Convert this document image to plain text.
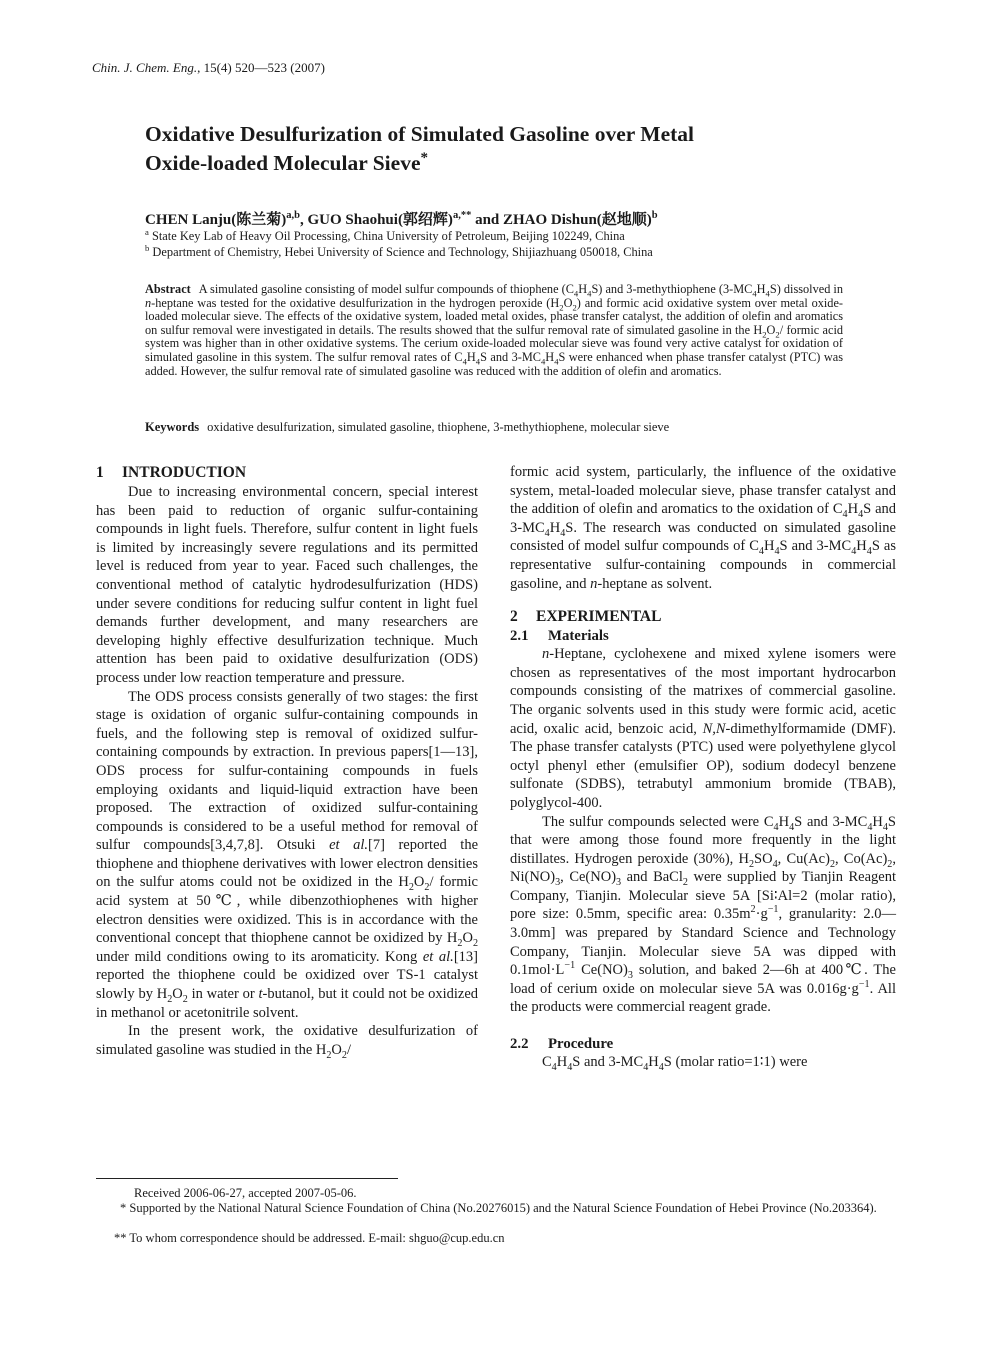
Chin. J. Chem. Eng., 15(4) 520—523 (2007)
Oxidative Desulfurization of Simulated Gasoline over Metal
Oxide-loaded Molecular Sieve*
CHEN Lanju(陈兰菊)$^{a,b}$, GUO Shaohui(郭绍辉)$^{a,**}$ and ZHAO Dishun(赵地顺)$^b$
$^a$ State Key Lab of Heavy Oil Processing, China University of Petroleum, Beijing 102249, China
$^b$ Department of Chemistry, Hebei University of Science and Technology, Shijiazhuang 050018, China
Abstract A simulated gasoline consisting of model sulfur compounds of thiophene $(C_4H_4S)$ and 3-methythiophene $(3-MC_4H_4S)$ dissolved in n-heptane was tested for the oxidative desulfurization in the hydrogen peroxide $(H_2O_2)$ and formic acid oxidative system over metal oxide-loaded molecular sieve. The effects of the oxidative system, loaded metal oxides, phase transfer catalyst, the addition of olefin and aromatics on sulfur removal were investigated in details. The results showed that the sulfur removal rate of simulated gasoline in the $H_2O_2/$ formic acid system was higher than in other oxidative systems. The cerium oxide-loaded molecular sieve was found very active catalyst for oxidation of simulated gasoline in this system. The sulfur removal rates of $C_4H_4S$ and $3-MC_4H_4S$ were enhanced when phase transfer catalyst (PTC) was added. However, the sulfur removal rate of simulated gasoline was reduced with the addition of olefin and aromatics.
Keywords oxidative desulfurization, simulated gasoline, thiophene, 3-methythiophene, molecular sieve
1 INTRODUCTION

Due to increasing environmental concern, special interest has been paid to reduction of organic sulfur-containing compounds in light fuels. Therefore, sulfur content in light fuels is limited by increasingly severe regulations and its permitted level is reduced from year to year. Faced such challenges, the conventional method of catalytic hydrodesulfurization (HDS) under severe conditions for reducing sulfur content in light fuel demands further development, and many researchers are developing highly effective desulfurization technique. Much attention has been paid to oxidative desulfurization (ODS) process under low reaction temperature and pressure.

The ODS process consists generally of two stages: the first stage is oxidation of organic sulfur-containing compounds in fuels, and the following step is removal of oxidized sulfur-containing compounds by extraction. In previous papers[1—13], ODS process for sulfur-containing compounds in fuels employing oxidants and liquid-liquid extraction have been proposed. The extraction of oxidized sulfur-containing compounds is considered to be a useful method for removal of sulfur compounds[3,4,7,8]. Otsuki et al.[7] reported the thiophene and thiophene derivatives with lower electron densities on the sulfur atoms could not be oxidized in the $H_2O_2/$ formic acid system at 50℃, while dibenzothiophenes with higher electron densities were oxidized. This is in accordance with the conventional concept that thiophene cannot be oxidized by $H_2O_2$ under mild conditions owing to its aromaticity. Kong et al.[13] reported the thiophene could be oxidized over TS-1 catalyst slowly by $H_2O_2$ in water or t-butanol, but it could not be oxidized in methanol or acetonitrile solvent.

In the present work, the oxidative desulfurization of simulated gasoline was studied in the $H_2O_2/$

formic acid system, particularly, the influence of the oxidative system, metal-loaded molecular sieve, phase transfer catalyst and the addition of olefin and aromatics to the oxidation of $C_4H_4S$ and $3-MC_4H_4S$. The research was conducted on simulated gasoline consisted of model sulfur compounds of $C_4H_4S$ and $3-MC_4H_4S$ as representative sulfur-containing compounds in commercial gasoline, and n-heptane as solvent.

2 EXPERIMENTAL
2.1 Materials

n-Heptane, cyclohexene and mixed xylene isomers were chosen as representatives of the most important hydrocarbon compounds consisting of the matrixes of commercial gasoline. The organic solvents used in this study were formic acid, acetic acid, oxalic acid, benzoic acid, N,N-dimethylformamide (DMF). The phase transfer catalysts (PTC) used were polyethylene glycol octyl phenyl ether (emulsifier OP), sodium dodecyl benzene sulfonate (SDBS), tetrabutyl ammonium bromide (TBAB), polyglycol-400.

The sulfur compounds selected were $C_4H_4S$ and $3-MC_4H_4S$ that were among those found more frequently in the light distillates. Hydrogen peroxide (30%), $H_2SO_4$, $Cu(Ac)_2$, $Co(Ac)_2$, $Ni(NO)_3$, $Ce(NO)_3$ and BaCl$_2$ were supplied by Tianjin Reagent Company, Tianjin. Molecular sieve 5A [Si∶Al=2 (molar ratio), pore size: 0.5mm, specific area: $0.35m^2\cdot g^{-1}$, granularity: 2.0—3.0mm] was prepared by Standard Science and Technology Company, Tianjin. Molecular sieve 5A was dipped with $0.1mol\cdot L^{-1}$ $Ce(NO)_3$ solution, and baked 2—6h at 400℃. The load of cerium oxide on molecular sieve 5A was $0.016g\cdot g^{-1}$. All the products were commercial reagent grade.

2.2 Procedure

$C_4H_4S$ and $3-MC_4H_4S$ (molar ratio=1∶1) were

Received 2006-06-27, accepted 2007-05-06.
* Supported by the National Natural Science Foundation of China (No.20276015) and the Natural Science Foundation of Hebei Province (No.203364).
** To whom correspondence should be addressed. E-mail: shguo@cup.edu.cn
